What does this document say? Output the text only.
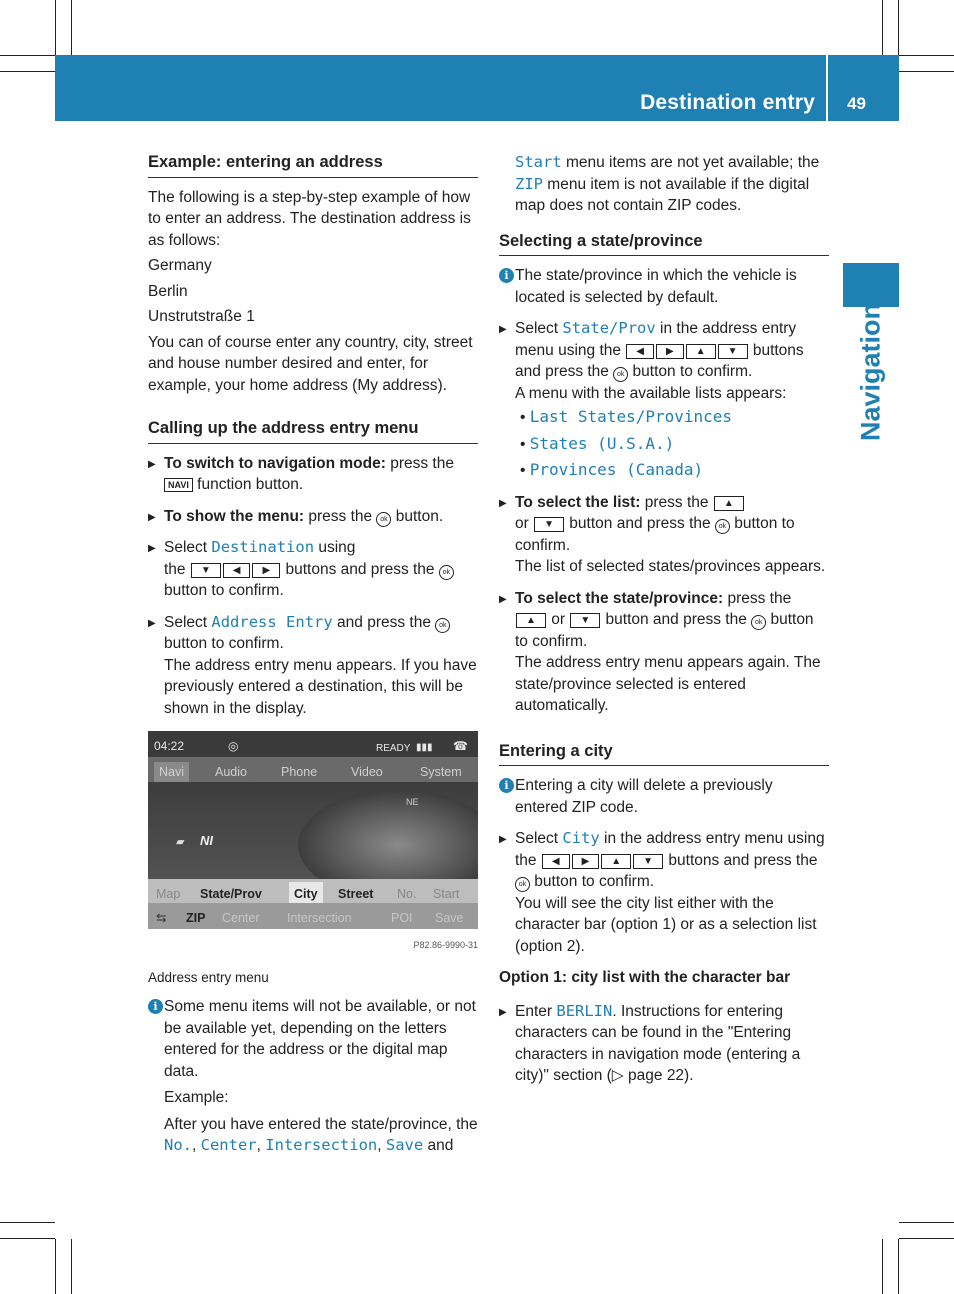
Destination entry 49
Navigation
Example: entering an address

The following is a step-by-step example of how to enter an address. The destination address is as follows:

Germany

Berlin

Unstrutstraße 1

You can of course enter any country, city, street and house number desired and enter, for example, your home address (My address).

Calling up the address entry menu
▶ To switch to navigation mode: press the NAVI function button.
▶ To show the menu: press the ok button.
▶ Select Destination using
the ▼ ◀ ▶ buttons and press the ok button to confirm.
▶ Select Address Entry and press the ok button to confirm.
The address entry menu appears. If you have previously entered a destination, this will be shown in the display.
04:22	◎	READY ▮▮▮ ☎
Navi	Audio	Phone	Video	System
NE
▰ NI
Map State/Prov	City	Street No. Start
⇆ ZIP Center Intersection	POI Save
P82.86-9990-31
Address entry menu
i Some menu items will not be available, or not be available yet, depending on the letters entered for the address or the digital map data.

Example:

After you have entered the state/province, the No., Center, Intersection, Save and

Start menu items are not yet available; the ZIP menu item is not available if the digital map does not contain ZIP codes.
Selecting a state/province
i The state/province in which the vehicle is located is selected by default.
▶ Select State/Prov in the address entry menu using the ◀ ▶ ▲ ▼ buttons and press the ok button to confirm.
A menu with the available lists appears:
• Last States/Provinces
• States (U.S.A.)
• Provinces (Canada)
▶ To select the list: press the ▲
or ▼ button and press the ok button to confirm.
The list of selected states/provinces appears.
▶ To select the state/province: press the
▲ or ▼ button and press the ok button to confirm.
The address entry menu appears again. The state/province selected is entered automatically.
Entering a city
i Entering a city will delete a previously entered ZIP code.
▶ Select City in the address entry menu using the ◀ ▶ ▲ ▼ buttons and press the ok button to confirm.
You will see the city list either with the character bar (option 1) or as a selection list (option 2).
Option 1: city list with the character bar
▶ Enter BERLIN. Instructions for entering characters can be found in the "Entering characters in navigation mode (entering a city)" section (▷ page 22).
